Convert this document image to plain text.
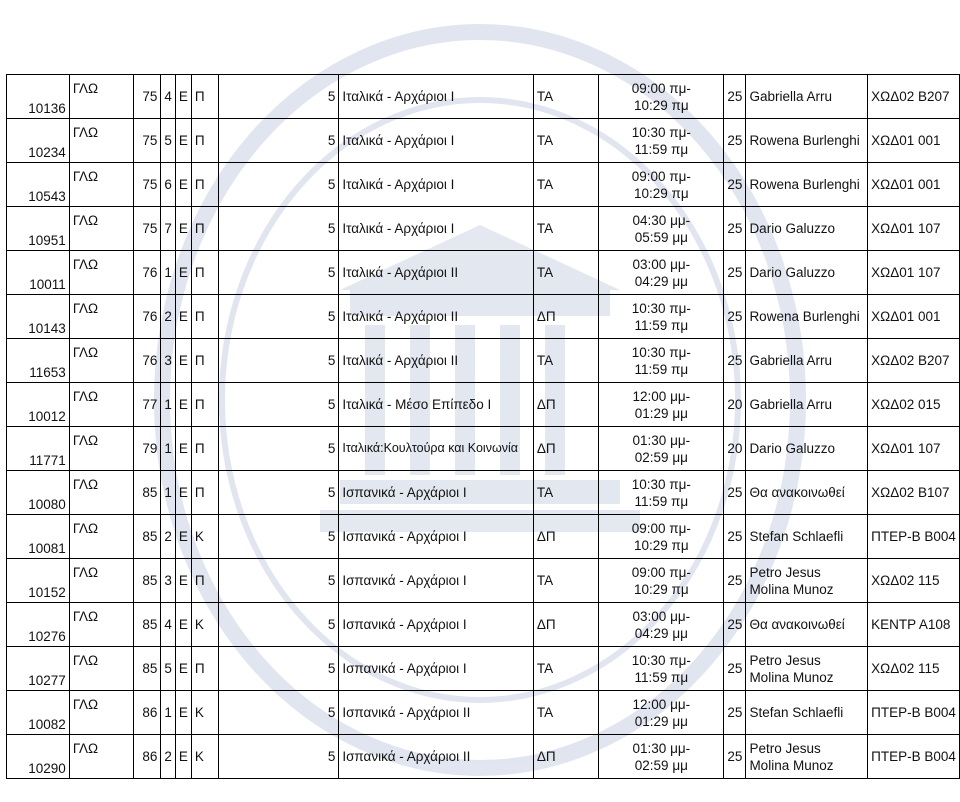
10136	ΓΛΩ	75	4	Ε	Π	5	Ιταλικά - Αρχάριοι Ι	ΤΑ	09:00 πμ-
10:29 πμ	25	Gabriella Arru	ΧΩΔ02 Β207
10234	ΓΛΩ	75	5	Ε	Π	5	Ιταλικά - Αρχάριοι Ι	ΤΑ	10:30 πμ-
11:59 πμ	25	Rowena Burlenghi	ΧΩΔ01 001
10543	ΓΛΩ	75	6	Ε	Π	5	Ιταλικά - Αρχάριοι Ι	ΤΑ	09:00 πμ-
10:29 πμ	25	Rowena Burlenghi	ΧΩΔ01 001
10951	ΓΛΩ	75	7	Ε	Π	5	Ιταλικά - Αρχάριοι Ι	ΤΑ	04:30 μμ-
05:59 μμ	25	Dario Galuzzo	ΧΩΔ01 107
10011	ΓΛΩ	76	1	Ε	Π	5	Ιταλικά - Αρχάριοι ΙΙ	ΤΑ	03:00 μμ-
04:29 μμ	25	Dario Galuzzo	ΧΩΔ01 107
10143	ΓΛΩ	76	2	Ε	Π	5	Ιταλικά - Αρχάριοι ΙΙ	ΔΠ	10:30 πμ-
11:59 πμ	25	Rowena Burlenghi	ΧΩΔ01 001
11653	ΓΛΩ	76	3	Ε	Π	5	Ιταλικά - Αρχάριοι ΙΙ	ΤΑ	10:30 πμ-
11:59 πμ	25	Gabriella Arru	ΧΩΔ02 Β207
10012	ΓΛΩ	77	1	Ε	Π	5	Ιταλικά - Μέσο Επίπεδο Ι	ΔΠ	12:00 μμ-
01:29 μμ	20	Gabriella Arru	ΧΩΔ02 015
11771	ΓΛΩ	79	1	Ε	Π	5	Ιταλικά:Κουλτούρα και Κοινωνία	ΔΠ	01:30 μμ-
02:59 μμ	20	Dario Galuzzo	ΧΩΔ01 107
10080	ΓΛΩ	85	1	Ε	Π	5	Ισπανικά - Αρχάριοι Ι	ΤΑ	10:30 πμ-
11:59 πμ	25	Θα ανακοινωθεί	ΧΩΔ02 Β107
10081	ΓΛΩ	85	2	Ε	Κ	5	Ισπανικά - Αρχάριοι Ι	ΔΠ	09:00 πμ-
10:29 πμ	25	Stefan Schlaefli	ΠΤΕΡ-Β Β004
10152	ΓΛΩ	85	3	Ε	Π	5	Ισπανικά - Αρχάριοι Ι	ΤΑ	09:00 πμ-
10:29 πμ	25	Petro Jesus Molina Munoz	ΧΩΔ02 115
10276	ΓΛΩ	85	4	Ε	Κ	5	Ισπανικά - Αρχάριοι Ι	ΔΠ	03:00 μμ-
04:29 μμ	25	Θα ανακοινωθεί	ΚΕΝΤΡ Α108
10277	ΓΛΩ	85	5	Ε	Π	5	Ισπανικά - Αρχάριοι Ι	ΤΑ	10:30 πμ-
11:59 πμ	25	Petro Jesus Molina Munoz	ΧΩΔ02 115
10082	ΓΛΩ	86	1	Ε	Κ	5	Ισπανικά - Αρχάριοι ΙΙ	ΤΑ	12:00 μμ-
01:29 μμ	25	Stefan Schlaefli	ΠΤΕΡ-Β Β004
10290	ΓΛΩ	86	2	Ε	Κ	5	Ισπανικά - Αρχάριοι ΙΙ	ΔΠ	01:30 μμ-
02:59 μμ	25	Petro Jesus Molina Munoz	ΠΤΕΡ-Β Β004
